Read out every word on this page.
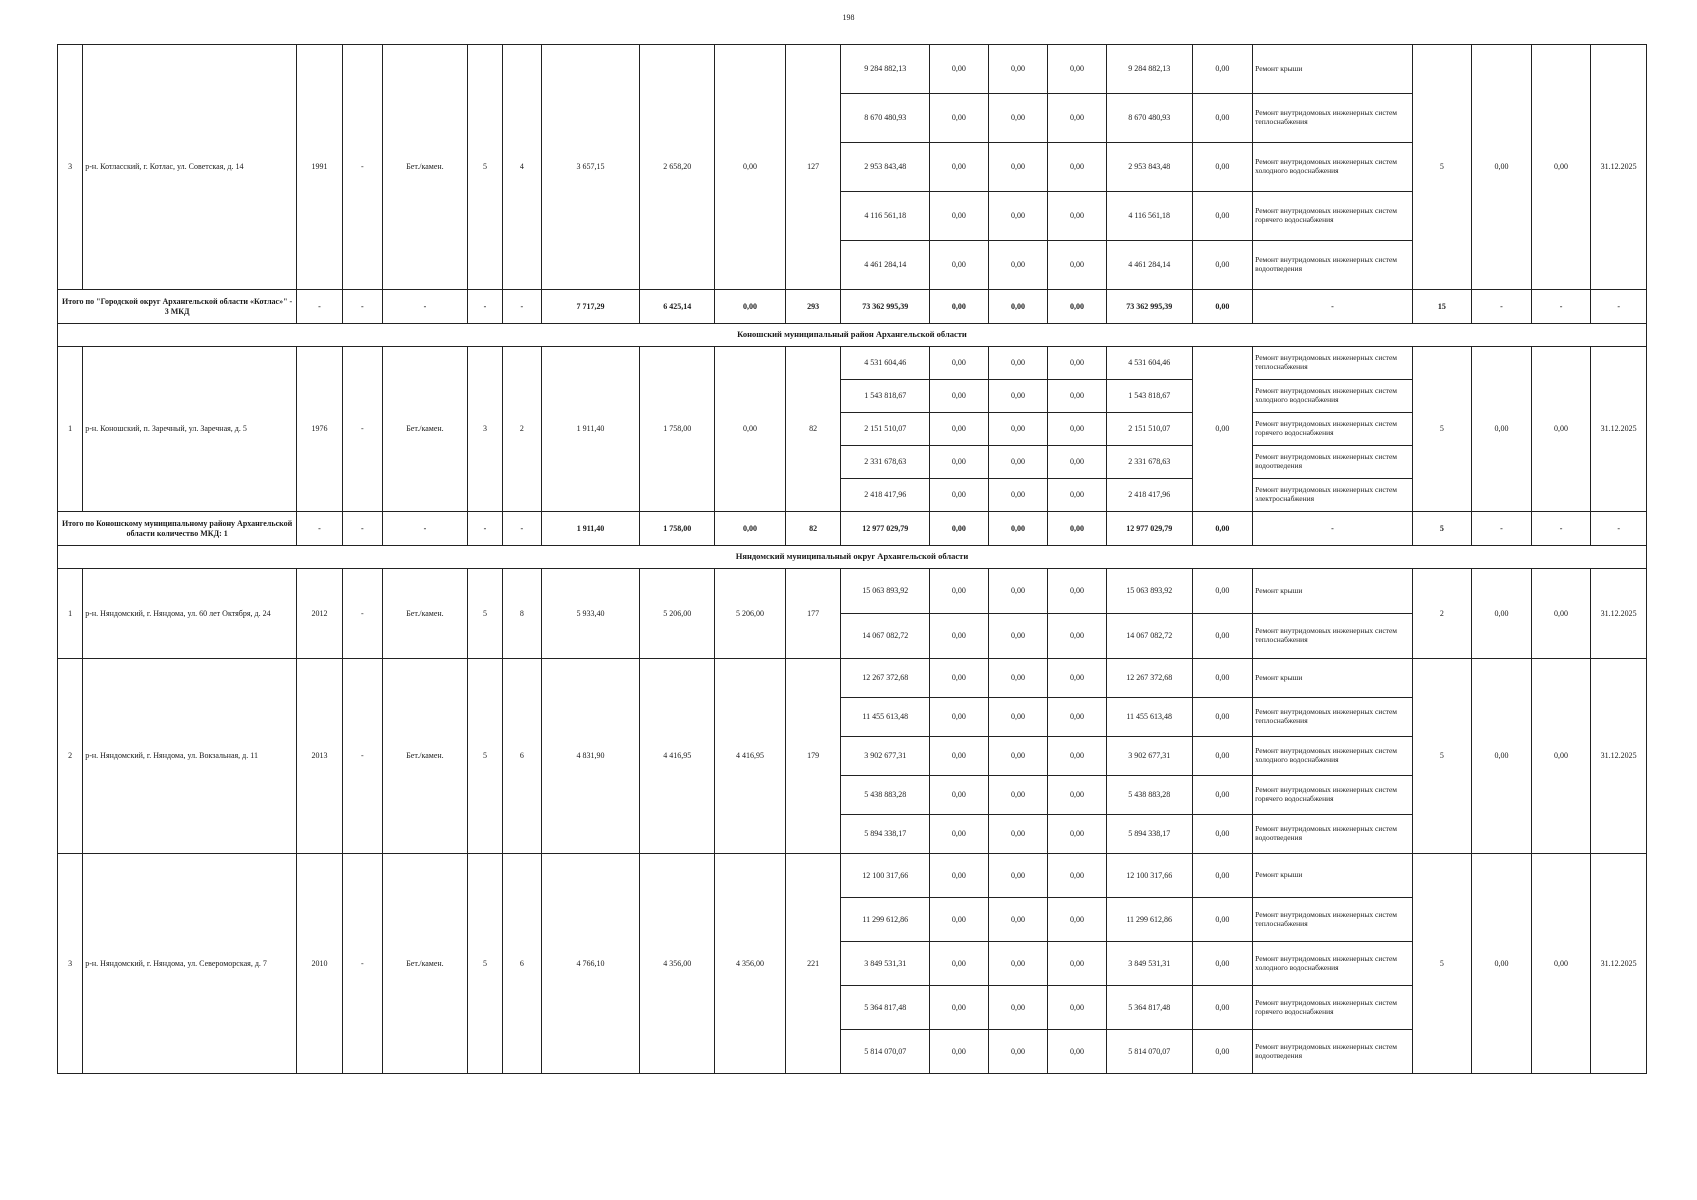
198
3	р-н. Котласский, г. Котлас, ул. Советская, д. 14	1991	-	Бет./камен.	5	4	3 657,15	2 658,20	0,00	127	9 284 882,13	0,00	0,00	0,00	9 284 882,13	0,00	Ремонт крыши	5	0,00	0,00	31.12.2025
											8 670 480,93	0,00	0,00	0,00	8 670 480,93	0,00	Ремонт внутридомовых инженерных систем теплоснабжения				
											2 953 843,48	0,00	0,00	0,00	2 953 843,48	0,00	Ремонт внутридомовых инженерных систем холодного водоснабжения				
											4 116 561,18	0,00	0,00	0,00	4 116 561,18	0,00	Ремонт внутридомовых инженерных систем горячего водоснабжения				
											4 461 284,14	0,00	0,00	0,00	4 461 284,14	0,00	Ремонт внутридомовых инженерных систем водоотведения				
Итого по "Городской округ Архангельской области «Котлас»" - 3 МКД		-	-	-	-	-	7 717,29	6 425,14	0,00	293	73 362 995,39	0,00	0,00	0,00	73 362 995,39	0,00	-	15	-	-	-
Коношский муниципальный район Архангельской области																					
1	р-н. Коношский, п. Заречный, ул. Заречная, д. 5	1976	-	Бет./камен.	3	2	1 911,40	1 758,00	0,00	82	4 531 604,46	0,00	0,00	0,00	4 531 604,46	0,00	Ремонт внутридомовых инженерных систем теплоснабжения	5	0,00	0,00	31.12.2025
											1 543 818,67	0,00	0,00	0,00	1 543 818,67		Ремонт внутридомовых инженерных систем холодного водоснабжения				
											2 151 510,07	0,00	0,00	0,00	2 151 510,07		Ремонт внутридомовых инженерных систем горячего водоснабжения				
											2 331 678,63	0,00	0,00	0,00	2 331 678,63		Ремонт внутридомовых инженерных систем водоотведения				
											2 418 417,96	0,00	0,00	0,00	2 418 417,96		Ремонт внутридомовых инженерных систем электроснабжения				
Итого по Коношскому муниципальному району Архангельской области количество МКД: 1		-	-	-	-	-	1 911,40	1 758,00	0,00	82	12 977 029,79	0,00	0,00	0,00	12 977 029,79	0,00	-	5	-	-	-
Няндомский муниципальный округ Архангельской области																					
1	р-н. Няндомский, г. Няндома, ул. 60 лет Октября, д. 24	2012	-	Бет./камен.	5	8	5 933,40	5 206,00	5 206,00	177	15 063 893,92	0,00	0,00	0,00	15 063 893,92	0,00	Ремонт крыши	2	0,00	0,00	31.12.2025
											14 067 082,72	0,00	0,00	0,00	14 067 082,72	0,00	Ремонт внутридомовых инженерных систем теплоснабжения				
2	р-н. Няндомский, г. Няндома, ул. Вокзальная, д. 11	2013	-	Бет./камен.	5	6	4 831,90	4 416,95	4 416,95	179	12 267 372,68	0,00	0,00	0,00	12 267 372,68	0,00	Ремонт крыши	5	0,00	0,00	31.12.2025
											11 455 613,48	0,00	0,00	0,00	11 455 613,48	0,00	Ремонт внутридомовых инженерных систем теплоснабжения				
											3 902 677,31	0,00	0,00	0,00	3 902 677,31	0,00	Ремонт внутридомовых инженерных систем холодного водоснабжения				
											5 438 883,28	0,00	0,00	0,00	5 438 883,28	0,00	Ремонт внутридомовых инженерных систем горячего водоснабжения				
											5 894 338,17	0,00	0,00	0,00	5 894 338,17	0,00	Ремонт внутридомовых инженерных систем водоотведения				
3	р-н. Няндомский, г. Няндома, ул. Североморская, д. 7	2010	-	Бет./камен.	5	6	4 766,10	4 356,00	4 356,00	221	12 100 317,66	0,00	0,00	0,00	12 100 317,66	0,00	Ремонт крыши	5	0,00	0,00	31.12.2025
											11 299 612,86	0,00	0,00	0,00	11 299 612,86	0,00	Ремонт внутридомовых инженерных систем теплоснабжения				
											3 849 531,31	0,00	0,00	0,00	3 849 531,31	0,00	Ремонт внутридомовых инженерных систем холодного водоснабжения				
											5 364 817,48	0,00	0,00	0,00	5 364 817,48	0,00	Ремонт внутридомовых инженерных систем горячего водоснабжения				
											5 814 070,07	0,00	0,00	0,00	5 814 070,07	0,00	Ремонт внутридомовых инженерных систем водоотведения				
